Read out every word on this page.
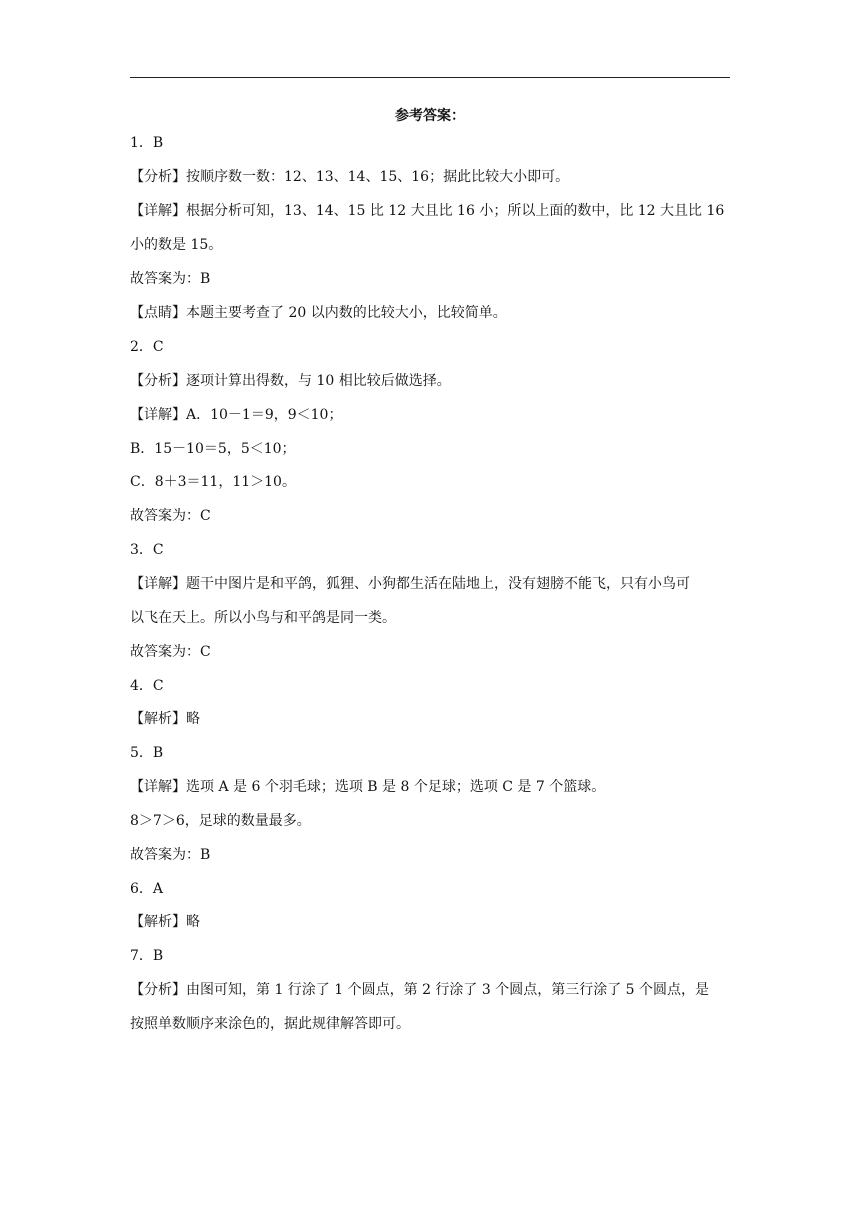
参考答案：
1．B
【分析】按顺序数一数：12、13、14、15、16；据此比较大小即可。
【详解】根据分析可知，13、14、15 比 12 大且比 16 小；所以上面的数中，比 12 大且比 16
小的数是 15。
故答案为：B
【点睛】本题主要考查了 20 以内数的比较大小，比较简单。
2．C
【分析】逐项计算出得数，与 10 相比较后做选择。
【详解】A．10－1＝9，9＜10；
B．15－10＝5，5＜10；
C．8＋3＝11，11＞10。
故答案为：C
3．C
【详解】题干中图片是和平鸽，狐狸、小狗都生活在陆地上，没有翅膀不能飞，只有小鸟可
以飞在天上。所以小鸟与和平鸽是同一类。
故答案为：C
4．C
【解析】略
5．B
【详解】选项 A 是 6 个羽毛球；选项 B 是 8 个足球；选项 C 是 7 个篮球。
8＞7＞6，足球的数量最多。
故答案为：B
6．A
【解析】略
7．B
【分析】由图可知，第 1 行涂了 1 个圆点，第 2 行涂了 3 个圆点，第三行涂了 5 个圆点，是
按照单数顺序来涂色的，据此规律解答即可。
